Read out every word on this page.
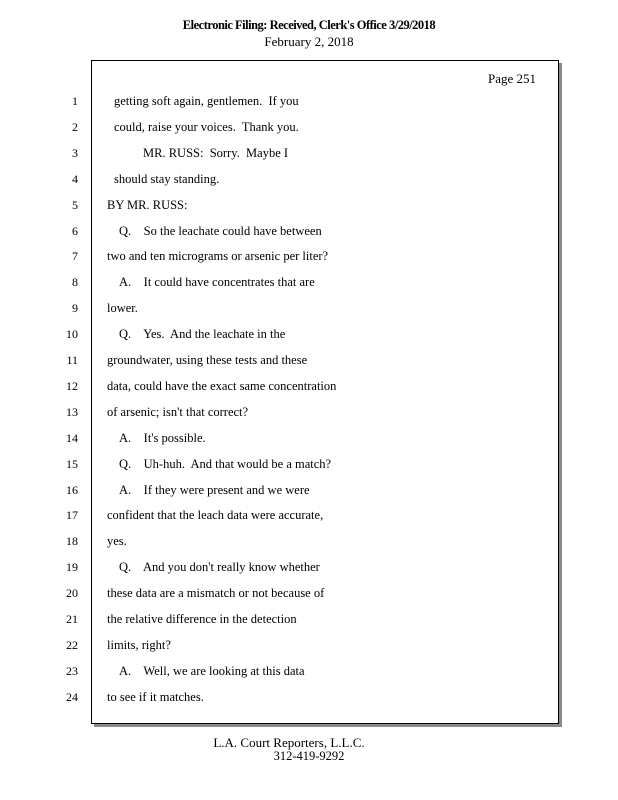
Electronic Filing: Received, Clerk's Office 3/29/2018
February 2, 2018
Page 251
1	getting soft again, gentlemen.  If you
2	could, raise your voices.  Thank you.
3	MR. RUSS:  Sorry.  Maybe I
4	should stay standing.
5 BY MR. RUSS:
6	Q.    So the leachate could have between
7 two and ten micrograms or arsenic per liter?
8	A.    It could have concentrates that are
9 lower.
10	Q.    Yes.  And the leachate in the
11 groundwater, using these tests and these
12 data, could have the exact same concentration
13 of arsenic; isn't that correct?
14	A.    It's possible.
15	Q.    Uh-huh.  And that would be a match?
16	A.    If they were present and we were
17 confident that the leach data were accurate,
18 yes.
19	Q.    And you don't really know whether
20 these data are a mismatch or not because of
21 the relative difference in the detection
22 limits, right?
23	A.    Well, we are looking at this data
24 to see if it matches.
L.A. Court Reporters, L.L.C.
312-419-9292
